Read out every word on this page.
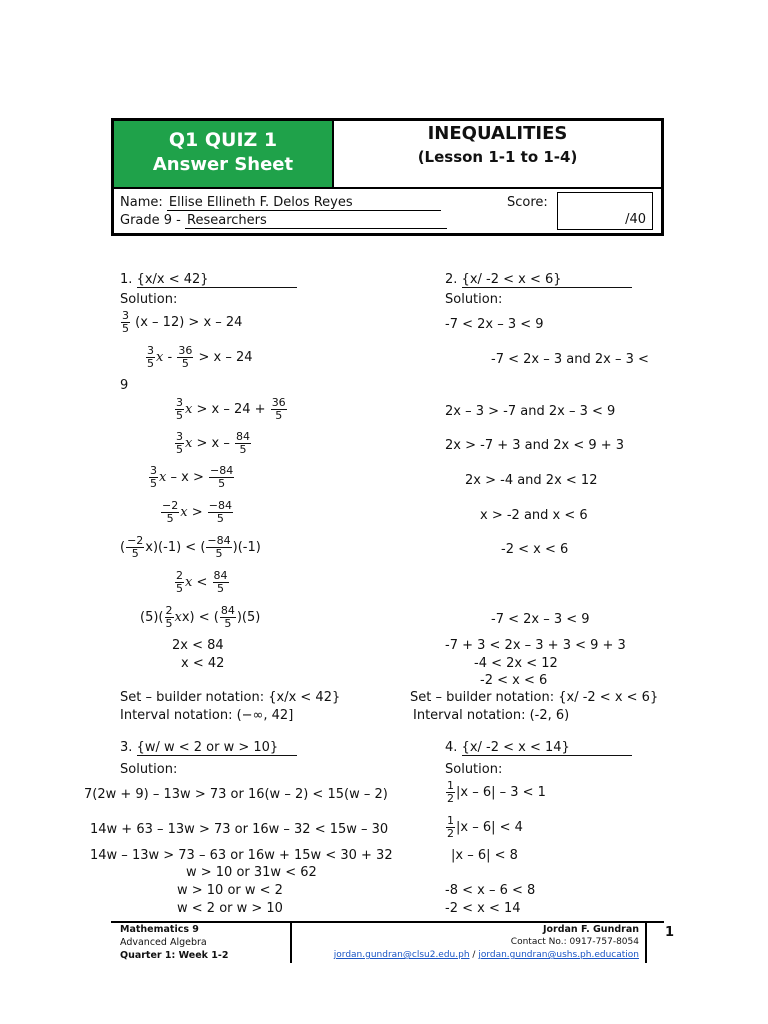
Q1 QUIZ 1
Answer Sheet
INEQUALITIES
(Lesson 1-1 to 1-4)
Name: Ellise Ellineth F. Delos Reyes
Grade 9 - Researchers
Score:
/40
1. {x/x < 42}
Solution:
$\frac{3}{5} (x - 12) > x - 24$
$\frac{3}{5}$ $x - \frac{36}{5} > x - 24$
9
$\frac{3}{5}$ $x > x - 24 + \frac{36}{5}$
$\frac{3}{5}$ $x > x - \frac{84}{5}$
$\frac{3}{5}$ $x - x > \frac{-84}{5}$
$\frac{-2}{5}$ $x > \frac{-84}{5}$
( $\frac{-2}{5} x)(-1)$ < ( $\frac{-84}{5} )(-1)$
$\frac{2}{5}$ $x < \frac{84}{5}$
$(5)( \frac{2}{5} xx)$ < ( $\frac{84}{5} )(5)$
2x < 84
x < 42
Set – builder notation: {x/x < 42}
Interval notation: (−∞, 42]
2. {x/ -2 < x < 6}
Solution:
-7 < 2x – 3 < 9
-7 < 2x – 3 and 2x – 3 <
2x – 3 > -7 and 2x – 3 < 9
2x > -7 + 3 and 2x < 9 + 3
2x > -4 and 2x < 12
x > -2 and x < 6
-2 < x < 6
-7 < 2x – 3 < 9
-7 + 3 < 2x – 3 + 3 < 9 + 3
-4 < 2x < 12
-2 < x < 6
Set – builder notation: {x/ -2 < x < 6}
Interval notation: (-2, 6)
3. {w/ w < 2 or w > 10}
Solution:
7(2w + 9) – 13w > 73 or 16(w – 2) < 15(w – 2)
14w + 63 – 13w > 73 or 16w – 32 < 15w – 30
14w – 13w > 73 – 63 or 16w + 15w < 30 + 32
w > 10 or 31w < 62
w > 10 or w < 2
w < 2 or w > 10
4. {x/ -2 < x < 14}
Solution:
$\frac{1}{2} |x - 6| - 3 < 1$
$\frac{1}{2} |x - 6| < 4$
|x – 6| < 8
-8 < x – 6 < 8
-2 < x < 14
Mathematics 9
Advanced Algebra
Quarter 1: Week 1-2
Jordan F. Gundran
Contact No.: 0917-757-8054
jordan.gundran@clsu2.edu.ph / jordan.gundran@ushs.ph.education
1
